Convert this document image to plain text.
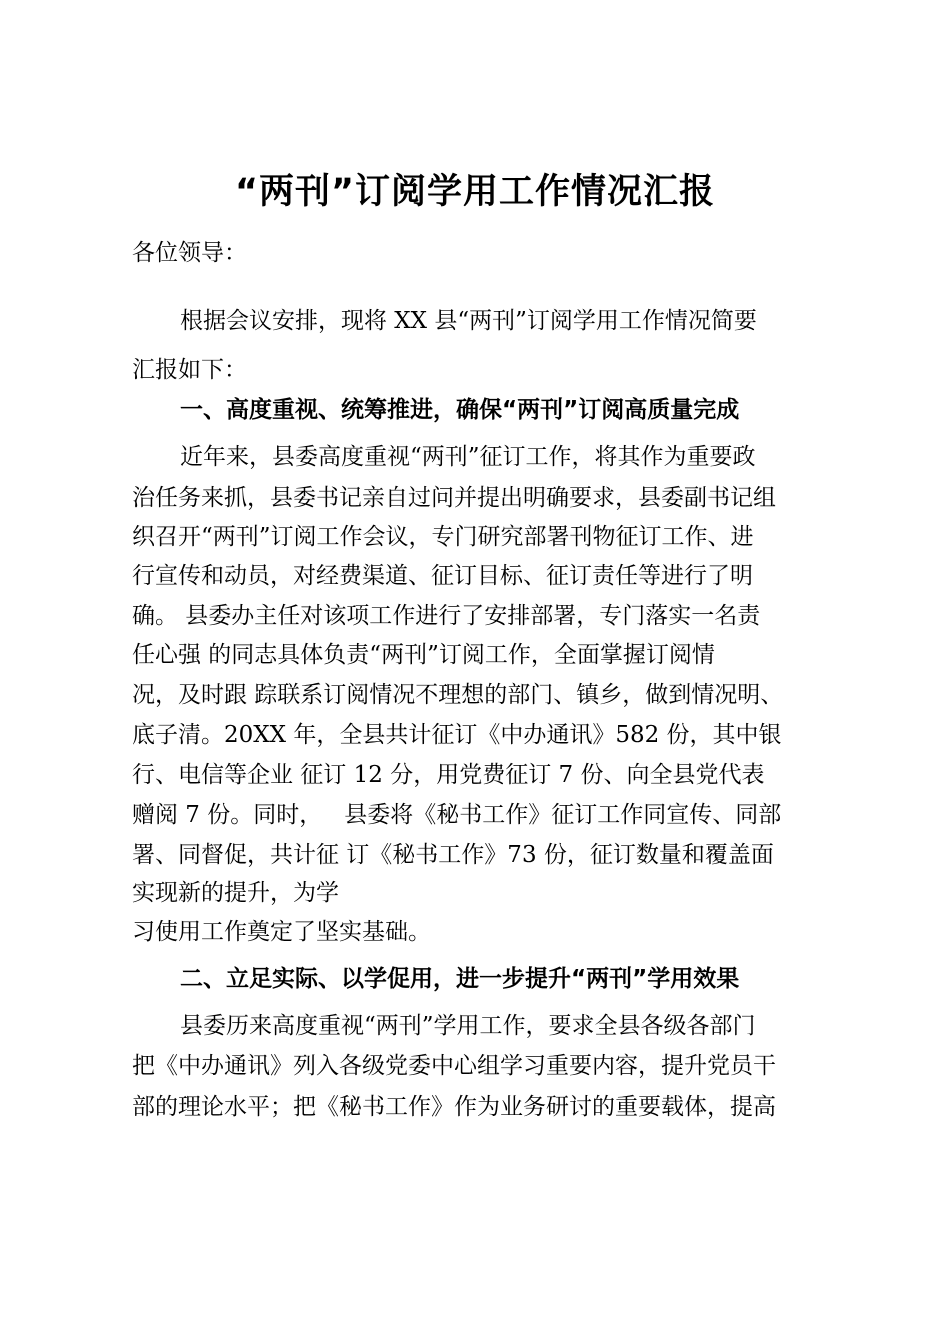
“两刊”订阅学用工作情况汇报

各位领导：

根据会议安排，现将 XX 县“两刊”订阅学用工作情况简要

汇报如下：

一、高度重视、统筹推进，确保“两刊”订阅高质量完成

近年来，县委高度重视“两刊”征订工作，将其作为重要政

治任务来抓，县委书记亲自过问并提出明确要求，县委副书记组

织召开“两刊”订阅工作会议，专门研究部署刊物征订工作、进

行宣传和动员，对经费渠道、征订目标、征订责任等进行了明

确。 县委办主任对该项工作进行了安排部署，专门落实一名责

任心强 的同志具体负责“两刊”订阅工作，全面掌握订阅情

况，及时跟 踪联系订阅情况不理想的部门、镇乡，做到情况明、

底子清。20XX 年，全县共计征订《中办通讯》582 份，其中银

行、电信等企业 征订 12 分，用党费征订 7 份、向全县党代表

赠阅 7 份。同时，   县委将《秘书工作》征订工作同宣传、同部

署、同督促，共计征 订《秘书工作》73 份，征订数量和覆盖面

实现新的提升，为学

习使用工作奠定了坚实基础。

二、立足实际、以学促用，进一步提升“两刊”学用效果

县委历来高度重视“两刊”学用工作，要求全县各级各部门

把《中办通讯》列入各级党委中心组学习重要内容，提升党员干

部的理论水平；把《秘书工作》作为业务研讨的重要载体，提高
